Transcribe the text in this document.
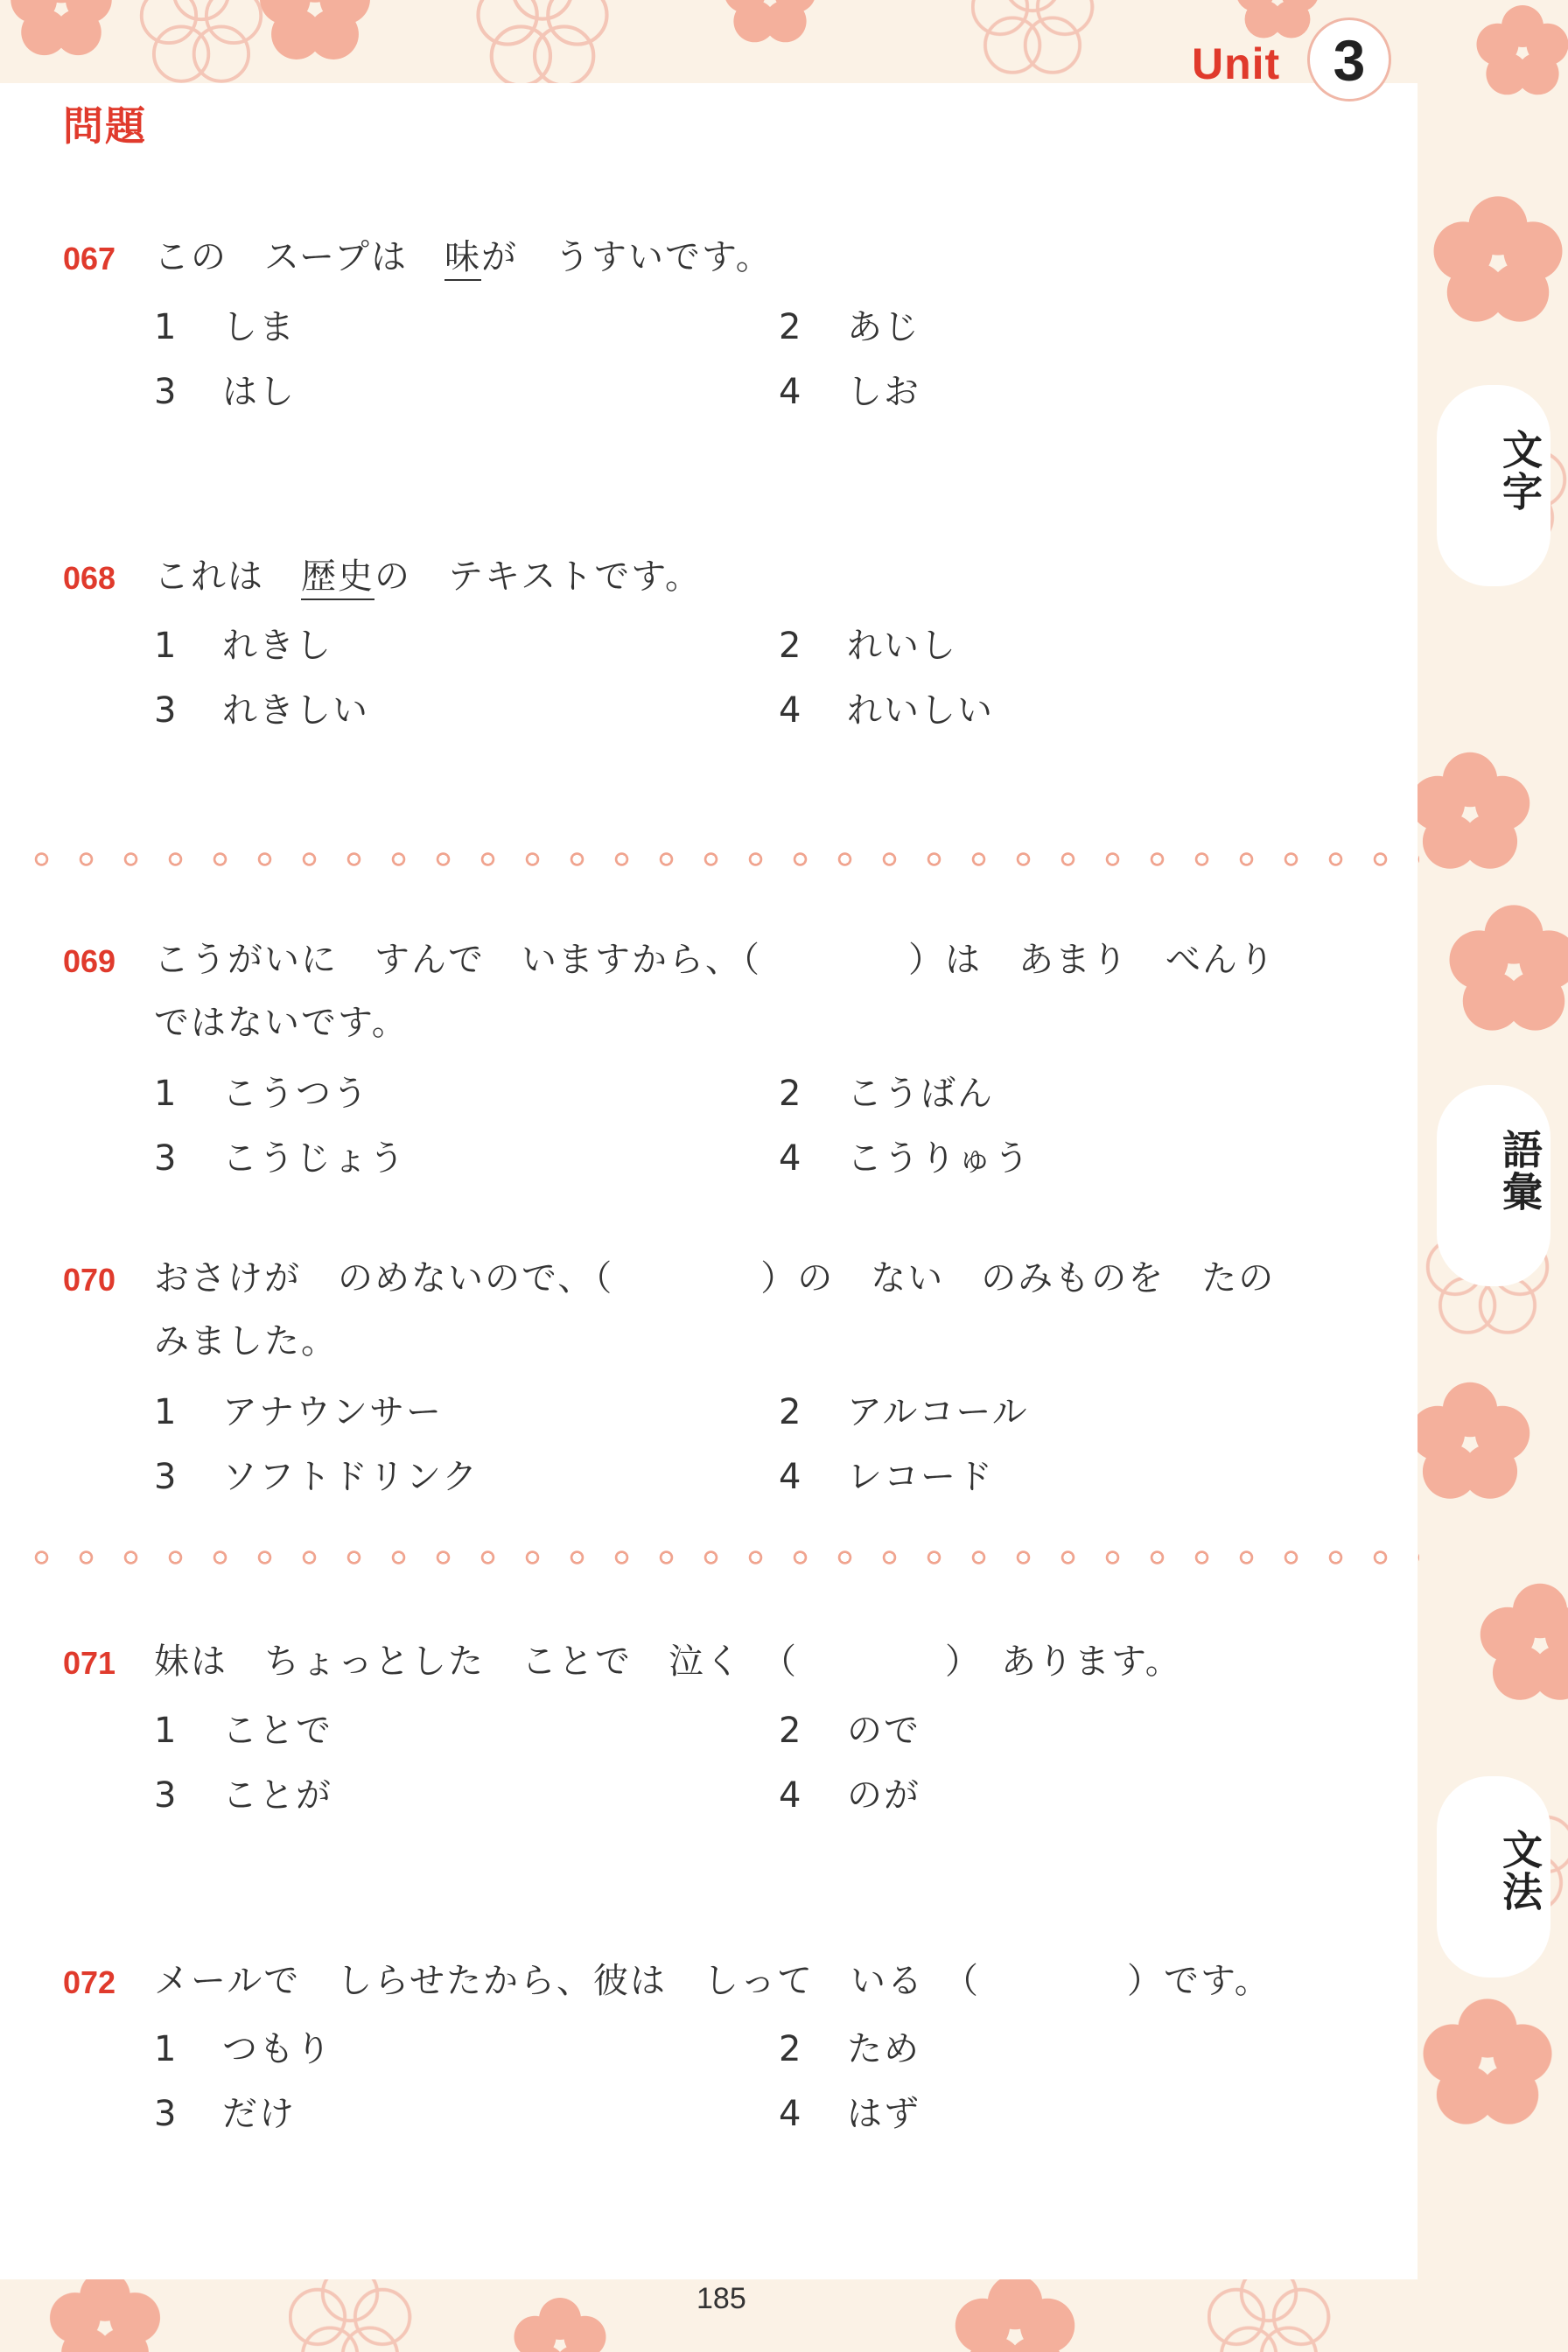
Unit 3
文字
語彙
文法
問題
067 この　スープは　味が　うすいです。
1 しま	2 あじ
3 はし	4 しお
068 これは　歴史の　テキストです。
1 れきし	2 れいし
3 れきしい	4 れいしい
069 こうがいに　すんで　いますから、（　　　　）は　あまり　べんり
ではないです。
1 こうつう	2 こうばん
3 こうじょう	4 こうりゅう
070 おさけが　のめないので、（　　　　）の　ない　のみものを　たの
みました。
1 アナウンサー	2 アルコール
3 ソフトドリンク	4 レコード
071 妹は　ちょっとした　ことで　泣く　（　　　　）　あります。
1 ことで	2 ので
3 ことが	4 のが
072 メールで　しらせたから、彼は　しって　いる　（　　　　）です。
1 つもり	2 ため
3 だけ	4 はず
185
